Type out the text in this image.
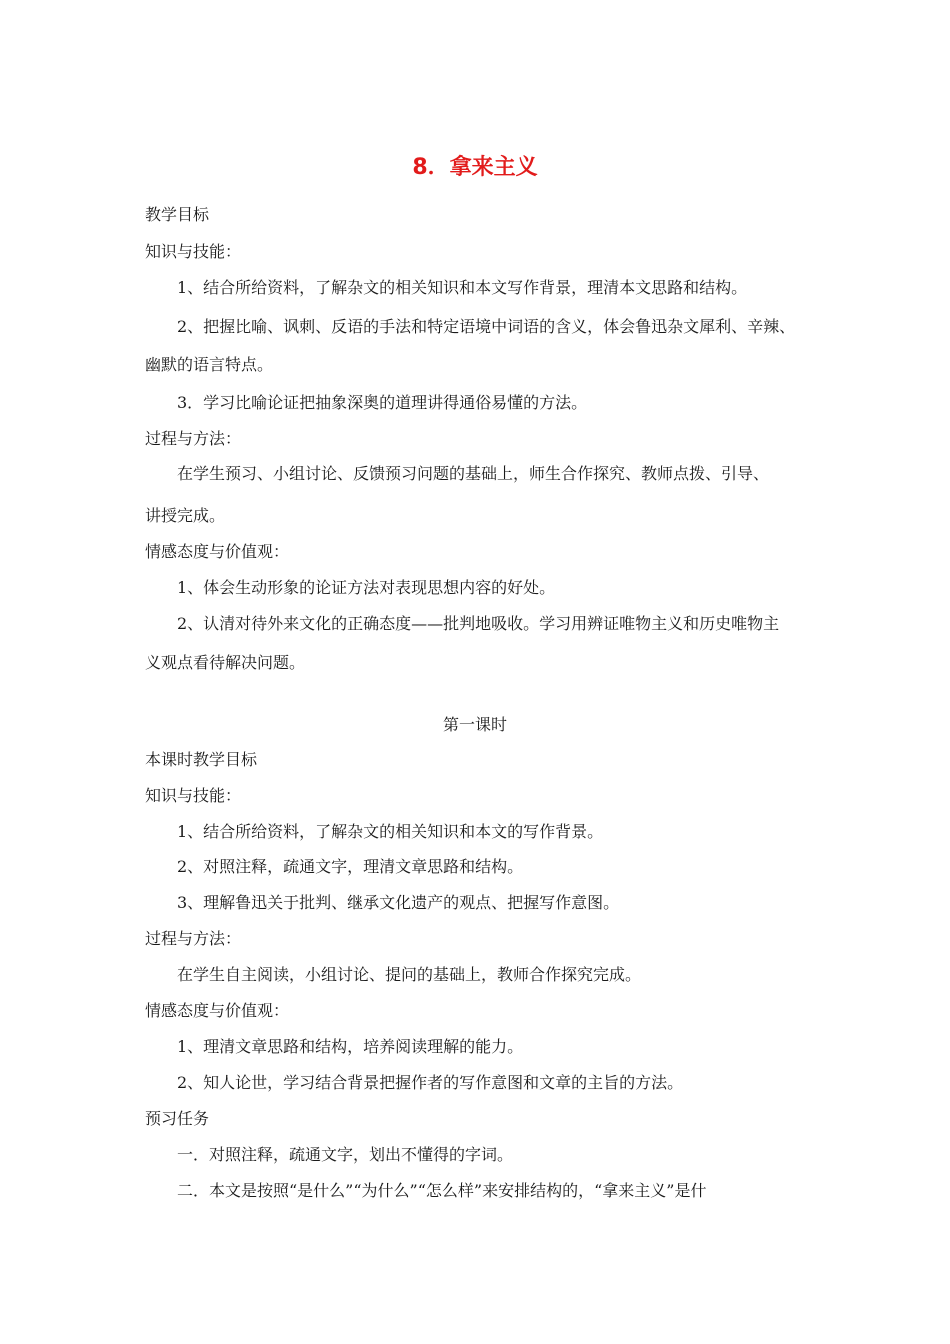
8．拿来主义
教学目标
知识与技能：
1、结合所给资料，了解杂文的相关知识和本文写作背景，理清本文思路和结构。
2、把握比喻、讽刺、反语的手法和特定语境中词语的含义，体会鲁迅杂文犀利、辛辣、
幽默的语言特点。
3．学习比喻论证把抽象深奥的道理讲得通俗易懂的方法。
过程与方法：
在学生预习、小组讨论、反馈预习问题的基础上，师生合作探究、教师点拨、引导、
讲授完成。
情感态度与价值观：
1、体会生动形象的论证方法对表现思想内容的好处。
2、认清对待外来文化的正确态度——批判地吸收。学习用辨证唯物主义和历史唯物主
义观点看待解决问题。
第一课时
本课时教学目标
知识与技能：
1、结合所给资料，了解杂文的相关知识和本文的写作背景。
2、对照注释，疏通文字，理清文章思路和结构。
3、理解鲁迅关于批判、继承文化遗产的观点、把握写作意图。
过程与方法：
在学生自主阅读，小组讨论、提问的基础上，教师合作探究完成。
情感态度与价值观：
1、理清文章思路和结构，培养阅读理解的能力。
2、知人论世，学习结合背景把握作者的写作意图和文章的主旨的方法。
预习任务
一．对照注释，疏通文字，划出不懂得的字词。
二．本文是按照“是什么”“为什么”“怎么样”来安排结构的，“拿来主义”是什
